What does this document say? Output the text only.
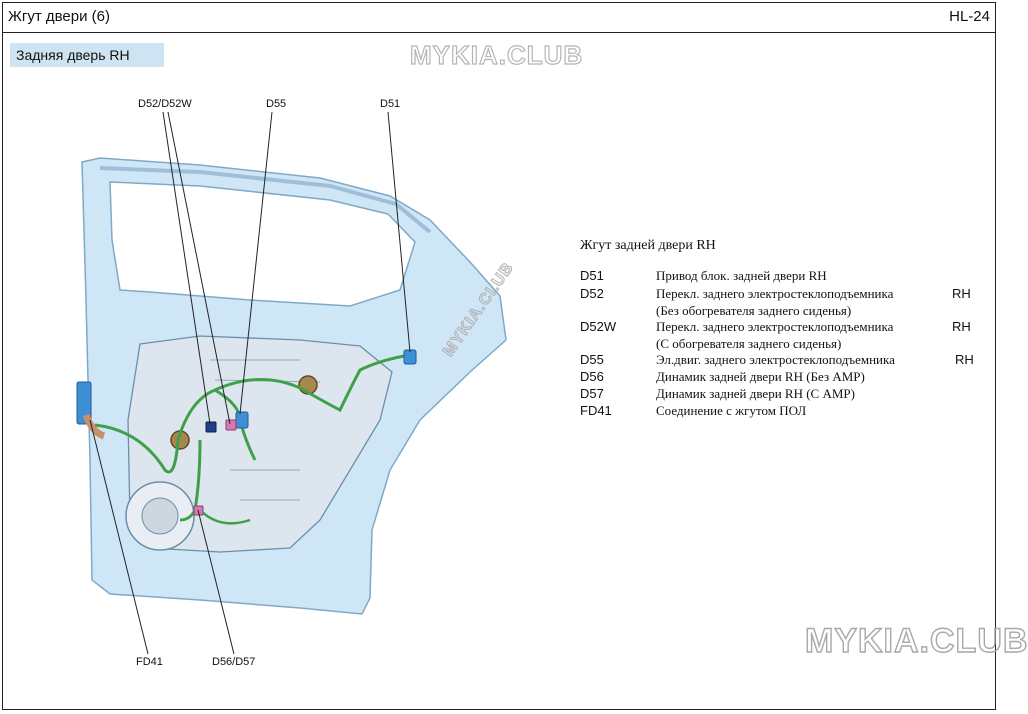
Жгут двери (6)	HL-24
Задняя дверь RH	MYKIA.CLUB
MYKIA.CLUB
MYKIA.CLUB
D52/D52W	D55	D51
FD41	D56/D57
Жгут задней двери RH
D51	Привод блок. задней двери RH
D52	Перекл. заднего электростеклоподъемника	RH
(Без обогревателя заднего сиденья)
D52W	Перекл. заднего электростеклоподъемника	RH
(С обогревателя заднего сиденья)
D55	Эл.двиг. заднего электростеклоподъемника	RH
D56	Динамик задней двери RH (Без AMP)
D57	Динамик задней двери RH (С AMP)
FD41	Соединение с жгутом ПОЛ
